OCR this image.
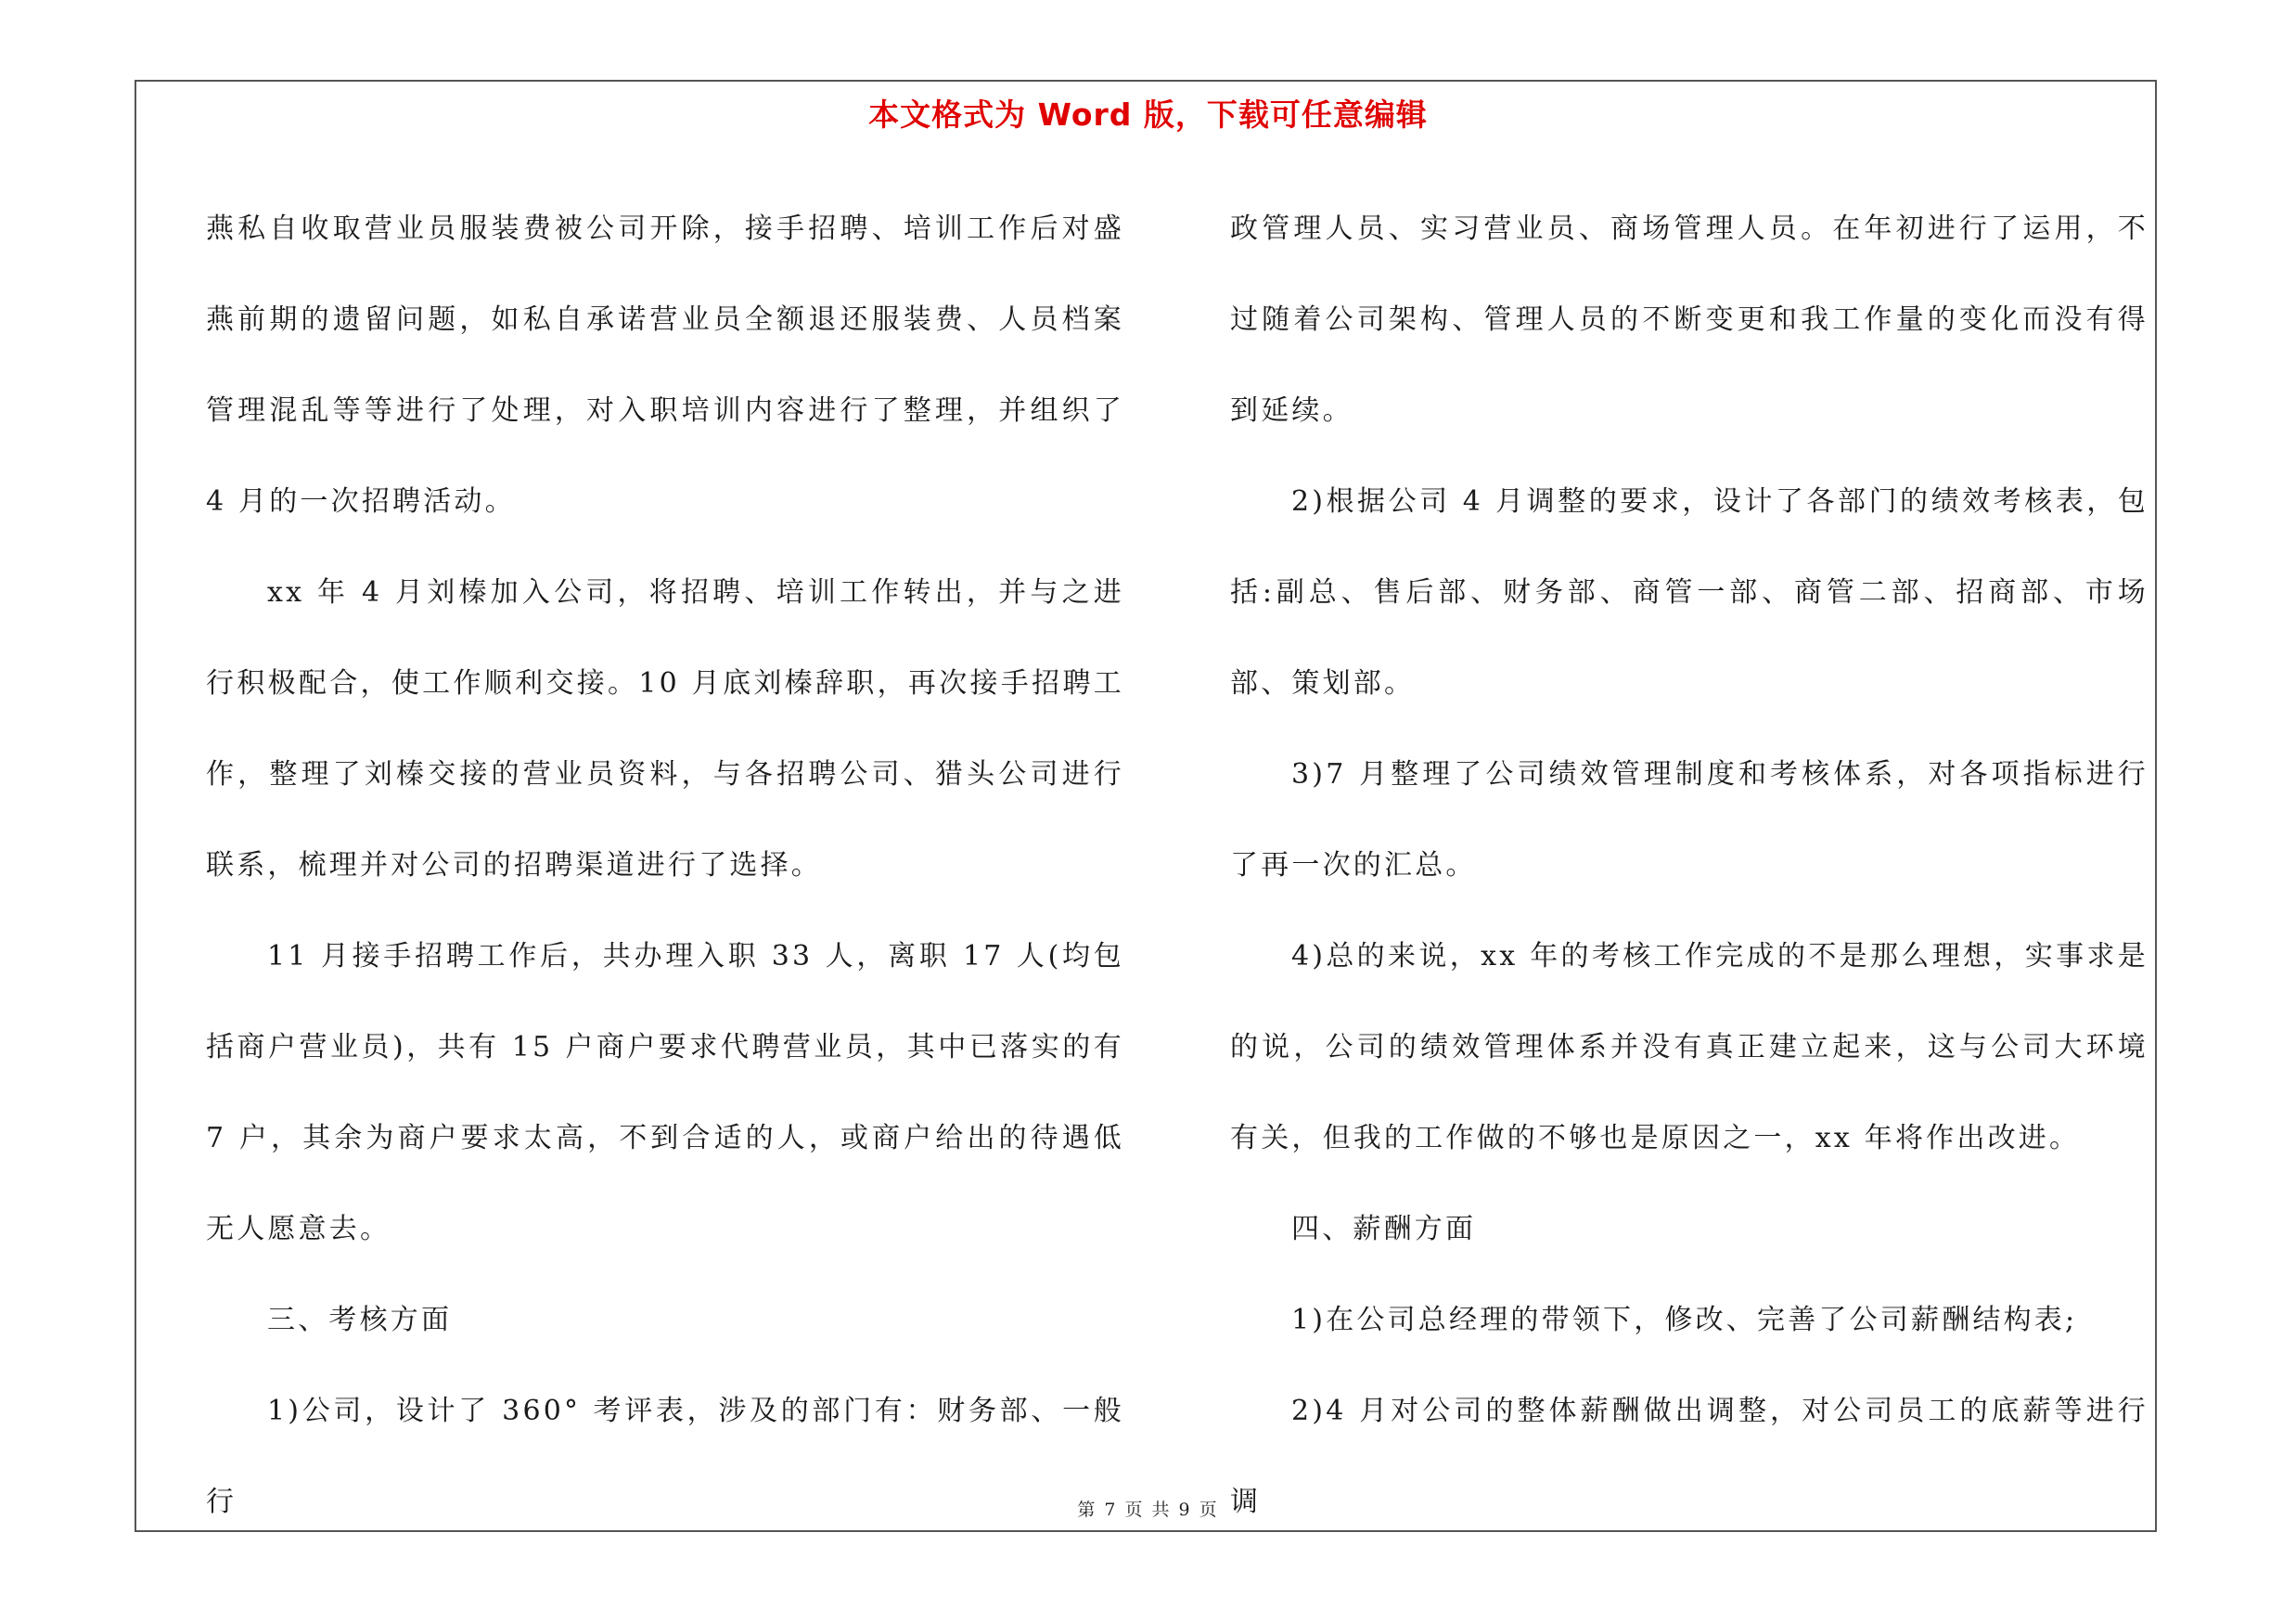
本文格式为 Word 版，下载可任意编辑

燕私自收取营业员服装费被公司开除，接手招聘、培训工作后对盛燕前期的遗留问题，如私自承诺营业员全额退还服装费、人员档案管理混乱等等进行了处理，对入职培训内容进行了整理，并组织了 4 月的一次招聘活动。

xx 年 4 月刘榛加入公司，将招聘、培训工作转出，并与之进行积极配合，使工作顺利交接。10 月底刘榛辞职，再次接手招聘工作，整理了刘榛交接的营业员资料，与各招聘公司、猎头公司进行联系，梳理并对公司的招聘渠道进行了选择。

11 月接手招聘工作后，共办理入职 33 人，离职 17 人(均包括商户营业员)，共有 15 户商户要求代聘营业员，其中已落实的有 7 户，其余为商户要求太高，不到合适的人，或商户给出的待遇低无人愿意去。

三、考核方面

1)公司，设计了 360° 考评表，涉及的部门有：财务部、一般行

政管理人员、实习营业员、商场管理人员。在年初进行了运用，不过随着公司架构、管理人员的不断变更和我工作量的变化而没有得到延续。

2)根据公司 4 月调整的要求，设计了各部门的绩效考核表，包括:副总、售后部、财务部、商管一部、商管二部、招商部、市场部、策划部。

3)7 月整理了公司绩效管理制度和考核体系，对各项指标进行了再一次的汇总。

4)总的来说，xx 年的考核工作完成的不是那么理想，实事求是的说，公司的绩效管理体系并没有真正建立起来，这与公司大环境有关，但我的工作做的不够也是原因之一，xx 年将作出改进。

四、薪酬方面

1)在公司总经理的带领下，修改、完善了公司薪酬结构表;

2)4 月对公司的整体薪酬做出调整，对公司员工的底薪等进行调

第 7 页 共 9 页
